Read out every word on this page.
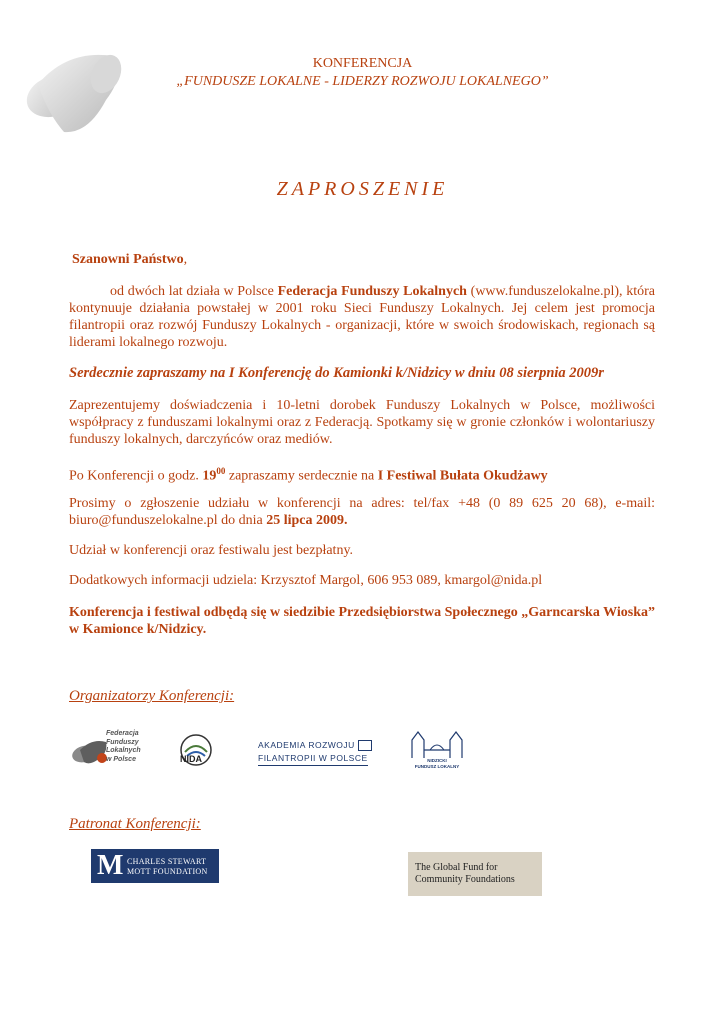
KONFERENCJA
„FUNDUSZE LOKALNE - LIDERZY ROZWOJU LOKALNEGO”
ZAPROSZENIE
Szanowni Państwo,
od dwóch lat działa w Polsce Federacja Funduszy Lokalnych (www.funduszelokalne.pl), która kontynuuje działania powstałej w 2001 roku Sieci Funduszy Lokalnych. Jej celem jest promocja filantropii oraz rozwój Funduszy Lokalnych - organizacji, które w swoich środowiskach, regionach są liderami lokalnego rozwoju.
Serdecznie zapraszamy na I Konferencję do Kamionki k/Nidzicy w dniu 08 sierpnia 2009r
Zaprezentujemy doświadczenia i 10-letni dorobek Funduszy Lokalnych w Polsce, możliwości współpracy z funduszami lokalnymi oraz z Federacją. Spotkamy się w gronie członków i wolontariuszy funduszy lokalnych, darczyńców oraz mediów.
Po Konferencji o godz. $19^{00}$ zapraszamy serdecznie na I Festiwal Bułata Okudżawy
Prosimy o zgłoszenie udziału w konferencji na adres: tel/fax +48 (0 89 625 20 68), e-mail: biuro@funduszelokalne.pl do dnia 25 lipca 2009.
Udział w konferencji oraz festiwalu jest bezpłatny.
Dodatkowych informacji udziela: Krzysztof Margol, 606 953 089, kmargol@nida.pl
Konferencja i festiwal odbędą się w siedzibie Przedsiębiorstwa Społecznego „Garncarska Wioska” w Kamionce k/Nidzicy.
Organizatorzy Konferencji:
Federacja
Funduszy
Lokalnych
w Polsce	NIDA
AKADEMIA ROZWOJU
FILANTROPII W POLSCE	NIDZICKI
FUNDUSZ LOKALNY
Patronat Konferencji:
M CHARLES STEWART
MOTT FOUNDATION	The Global Fund for
Community Foundations
